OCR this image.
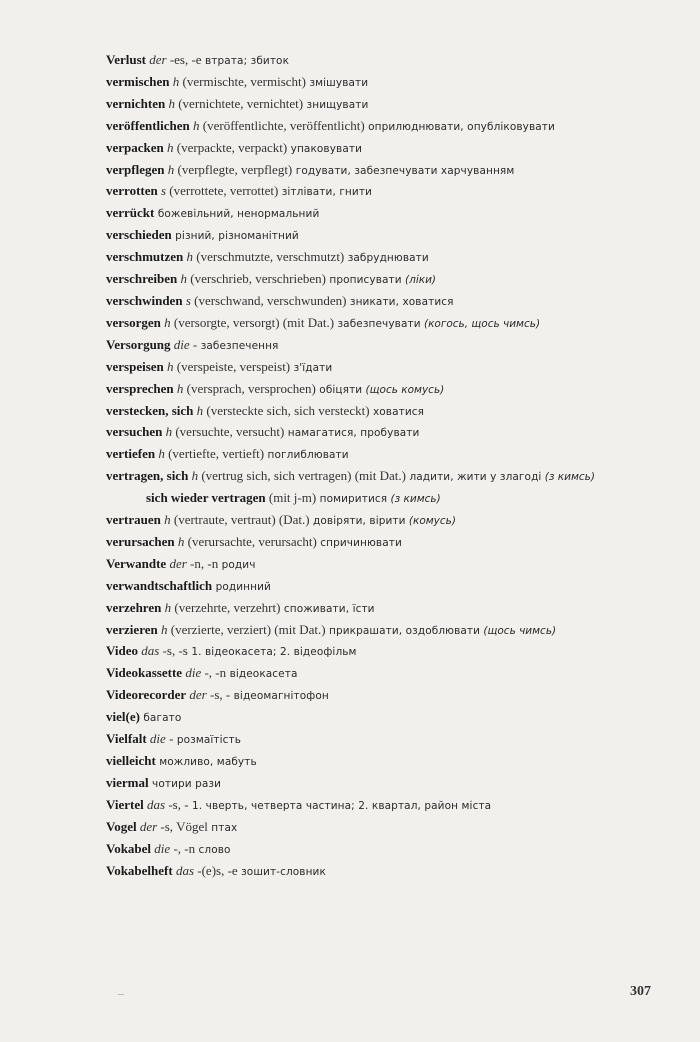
Verlust der -es, -e втрата; збиток
vermischen h (vermischte, vermischt) змішувати
vernichten h (vernichtete, vernichtet) знищувати
veröffentlichen h (veröffentlichte, veröffentlicht) оприлюднювати, опубліковувати
verpacken h (verpackte, verpackt) упаковувати
verpflegen h (verpflegte, verpflegt) годувати, забезпечувати харчуванням
verrotten s (verrottete, verrottet) зітлівати, гнити
verrückt божевільний, ненормальний
verschieden різний, різноманітний
verschmutzen h (verschmutzte, verschmutzt) забруднювати
verschreiben h (verschrieb, verschrieben) прописувати (ліки)
verschwinden s (verschwand, verschwunden) зникати, ховатися
versorgen h (versorgte, versorgt) (mit Dat.) забезпечувати (когось, щось чимсь)
Versorgung die - забезпечення
verspeisen h (verspeiste, verspeist) з'їдати
versprechen h (versprach, versprochen) обіцяти (щось комусь)
verstecken, sich h (versteckte sich, sich versteckt) ховатися
versuchen h (versuchte, versucht) намагатися, пробувати
vertiefen h (vertiefte, vertieft) поглиблювати
vertragen, sich h (vertrug sich, sich vertragen) (mit Dat.) ладити, жити у злагоді (з кимсь)
sich wieder vertragen (mit j-m) помиритися (з кимсь)
vertrauen h (vertraute, vertraut) (Dat.) довіряти, вірити (комусь)
verursachen h (verursachte, verursacht) спричинювати
Verwandte der -n, -n родич
verwandtschaftlich родинний
verzehren h (verzehrte, verzehrt) споживати, їсти
verzieren h (verzierte, verziert) (mit Dat.) прикрашати, оздоблювати (щось чимсь)
Video das -s, -s 1. відеокасета; 2. відеофільм
Videokassette die -, -n відеокасета
Videorecorder der -s, - відеомагнітофон
viel(e) багато
Vielfalt die - розмаїтість
vielleicht можливо, мабуть
viermal чотири рази
Viertel das -s, - 1. чверть, четверта частина; 2. квартал, район міста
Vogel der -s, Vögel птах
Vokabel die -, -n слово
Vokabelheft das -(e)s, -e зошит-словник
307
